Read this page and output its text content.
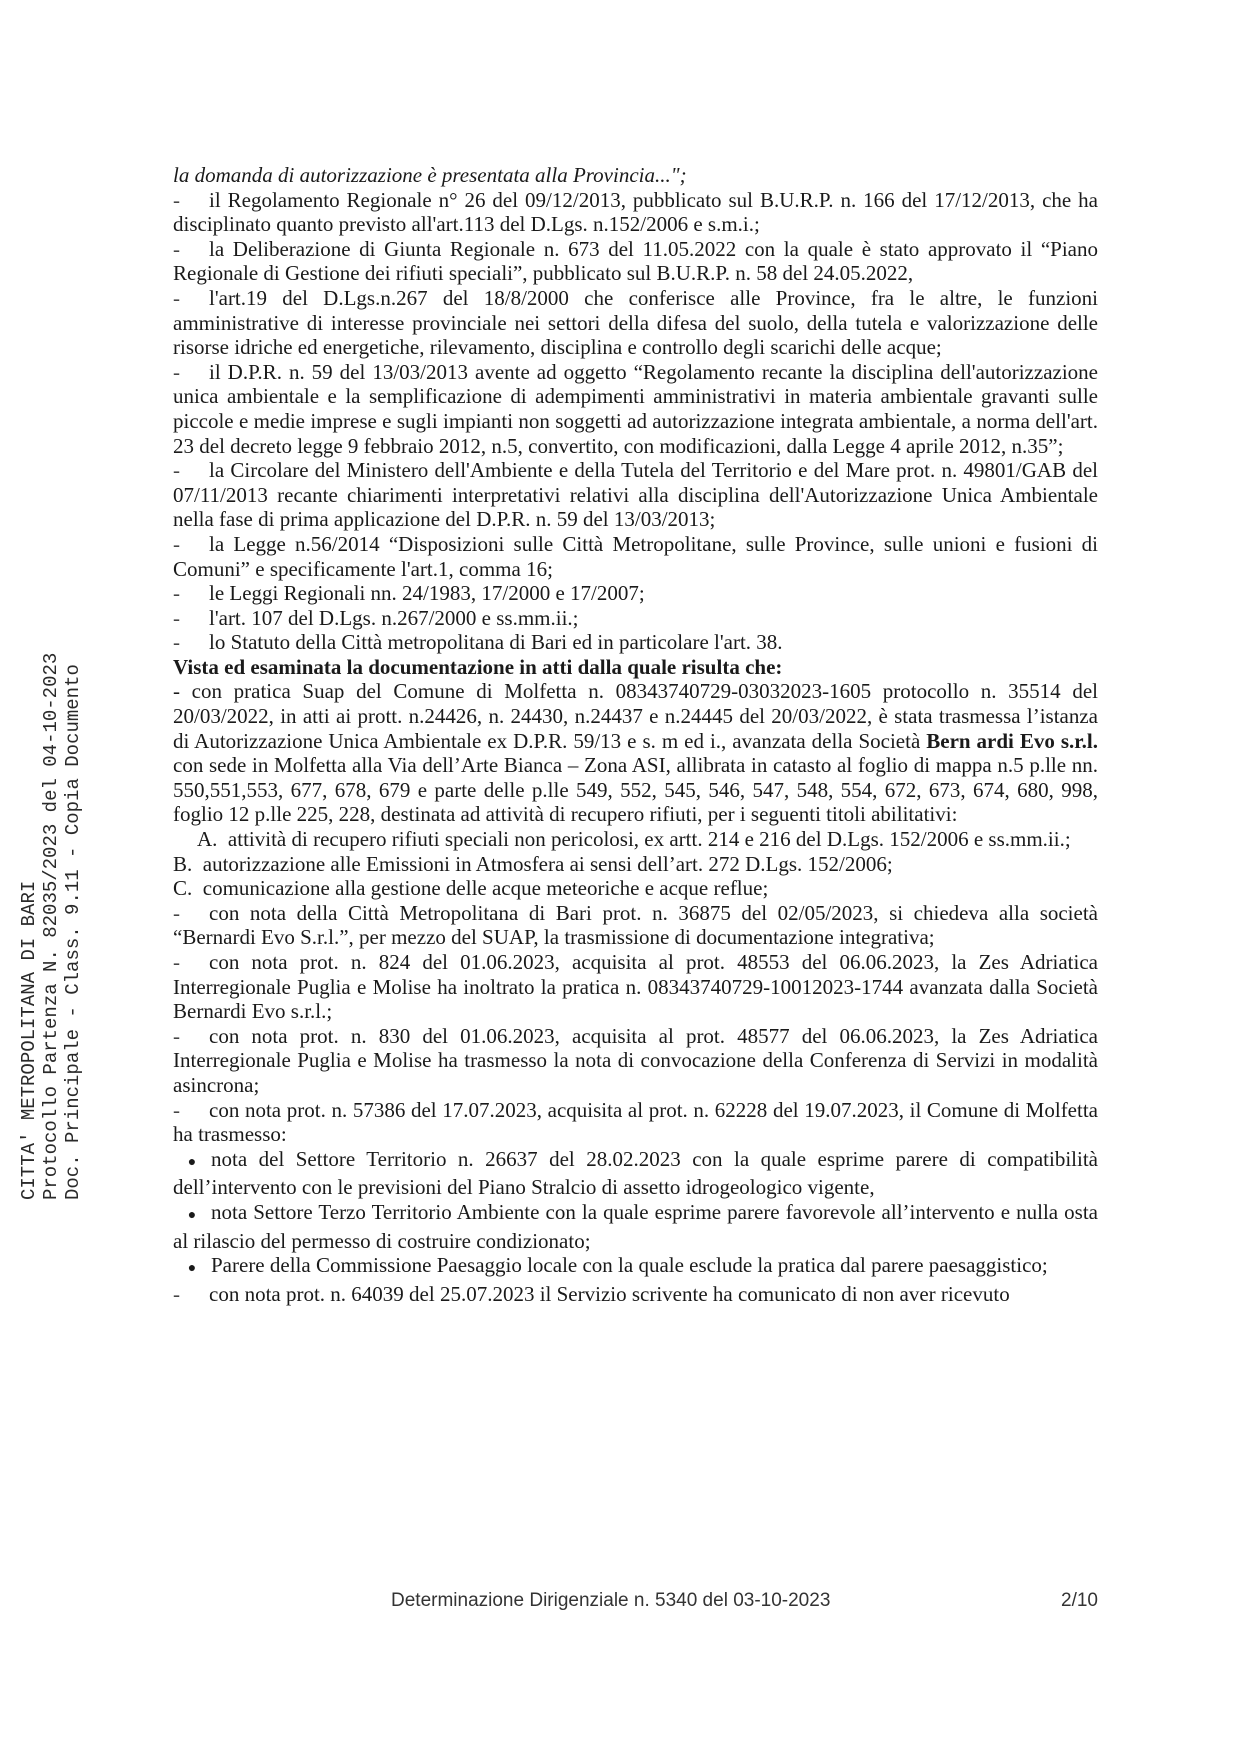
CITTA' METROPOLITANA DI BARI Protocollo Partenza N. 82035/2023 del 04-10-2023 Doc. Principale - Class. 9.11 - Copia Documento

la domanda di autorizzazione è presentata alla Provincia...";

- il Regolamento Regionale n° 26 del 09/12/2013, pubblicato sul B.U.R.P. n. 166 del 17/12/2013, che ha disciplinato quanto previsto all'art.113 del D.Lgs. n.152/2006 e s.m.i.;

- la Deliberazione di Giunta Regionale n. 673 del 11.05.2022 con la quale è stato approvato il “Piano Regionale di Gestione dei rifiuti speciali”, pubblicato sul B.U.R.P. n. 58 del 24.05.2022,

- l'art.19 del D.Lgs.n.267 del 18/8/2000 che conferisce alle Province, fra le altre, le funzioni amministrative di interesse provinciale nei settori della difesa del suolo, della tutela e valorizzazione delle risorse idriche ed energetiche, rilevamento, disciplina e controllo degli scarichi delle acque;

- il D.P.R. n. 59 del 13/03/2013 avente ad oggetto “Regolamento recante la disciplina dell'autorizzazione unica ambientale e la semplificazione di adempimenti amministrativi in materia ambientale gravanti sulle piccole e medie imprese e sugli impianti non soggetti ad autorizzazione integrata ambientale, a norma dell'art. 23 del decreto legge 9 febbraio 2012, n.5, convertito, con modificazioni, dalla Legge 4 aprile 2012, n.35”;

- la Circolare del Ministero dell'Ambiente e della Tutela del Territorio e del Mare prot. n. 49801/GAB del 07/11/2013 recante chiarimenti interpretativi relativi alla disciplina dell'Autorizzazione Unica Ambientale nella fase di prima applicazione del D.P.R. n. 59 del 13/03/2013;

- la Legge n.56/2014 “Disposizioni sulle Città Metropolitane, sulle Province, sulle unioni e fusioni di Comuni” e specificamente l'art.1, comma 16;

- le Leggi Regionali nn. 24/1983, 17/2000 e 17/2007;

- l'art. 107 del D.Lgs. n.267/2000 e ss.mm.ii.;

- lo Statuto della Città metropolitana di Bari ed in particolare l'art. 38.

Vista ed esaminata la documentazione in atti dalla quale risulta che:

- con pratica Suap del Comune di Molfetta n. 08343740729-03032023-1605 protocollo n. 35514 del 20/03/2022, in atti ai prott. n.24426, n. 24430, n.24437 e n.24445 del 20/03/2022, è stata trasmessa l’istanza di Autorizzazione Unica Ambientale ex D.P.R. 59/13 e s. m ed i., avanzata della Società Bern ardi Evo s.r.l. con sede in Molfetta alla Via dell’Arte Bianca – Zona ASI, allibrata in catasto al foglio di mappa n.5 p.lle nn. 550,551,553, 677, 678, 679 e parte delle p.lle 549, 552, 545, 546, 547, 548, 554, 672, 673, 674, 680, 998, foglio 12 p.lle 225, 228, destinata ad attività di recupero rifiuti, per i seguenti titoli abilitativi:

A. attività di recupero rifiuti speciali non pericolosi, ex artt. 214 e 216 del D.Lgs. 152/2006 e ss.mm.ii.;

B. autorizzazione alle Emissioni in Atmosfera ai sensi dell’art. 272 D.Lgs. 152/2006;

C. comunicazione alla gestione delle acque meteoriche e acque reflue;

- con nota della Città Metropolitana di Bari prot. n. 36875 del 02/05/2023, si chiedeva alla società “Bernardi Evo S.r.l.”, per mezzo del SUAP, la trasmissione di documentazione integrativa;

- con nota prot. n. 824 del 01.06.2023, acquisita al prot. 48553 del 06.06.2023, la Zes Adriatica Interregionale Puglia e Molise ha inoltrato la pratica n. 08343740729-10012023-1744 avanzata dalla Società Bernardi Evo s.r.l.;

- con nota prot. n. 830 del 01.06.2023, acquisita al prot. 48577 del 06.06.2023, la Zes Adriatica Interregionale Puglia e Molise ha trasmesso la nota di convocazione della Conferenza di Servizi in modalità asincrona;

- con nota prot. n. 57386 del 17.07.2023, acquisita al prot. n. 62228 del 19.07.2023, il Comune di Molfetta ha trasmesso:

● nota del Settore Territorio n. 26637 del 28.02.2023 con la quale esprime parere di compatibilità dell’intervento con le previsioni del Piano Stralcio di assetto idrogeologico vigente,

● nota Settore Terzo Territorio Ambiente con la quale esprime parere favorevole all’intervento e nulla osta al rilascio del permesso di costruire condizionato;

● Parere della Commissione Paesaggio locale con la quale esclude la pratica dal parere paesaggistico;

- con nota prot. n. 64039 del 25.07.2023 il Servizio scrivente ha comunicato di non aver ricevuto

Determinazione Dirigenziale n. 5340 del 03-10-2023	2/10
